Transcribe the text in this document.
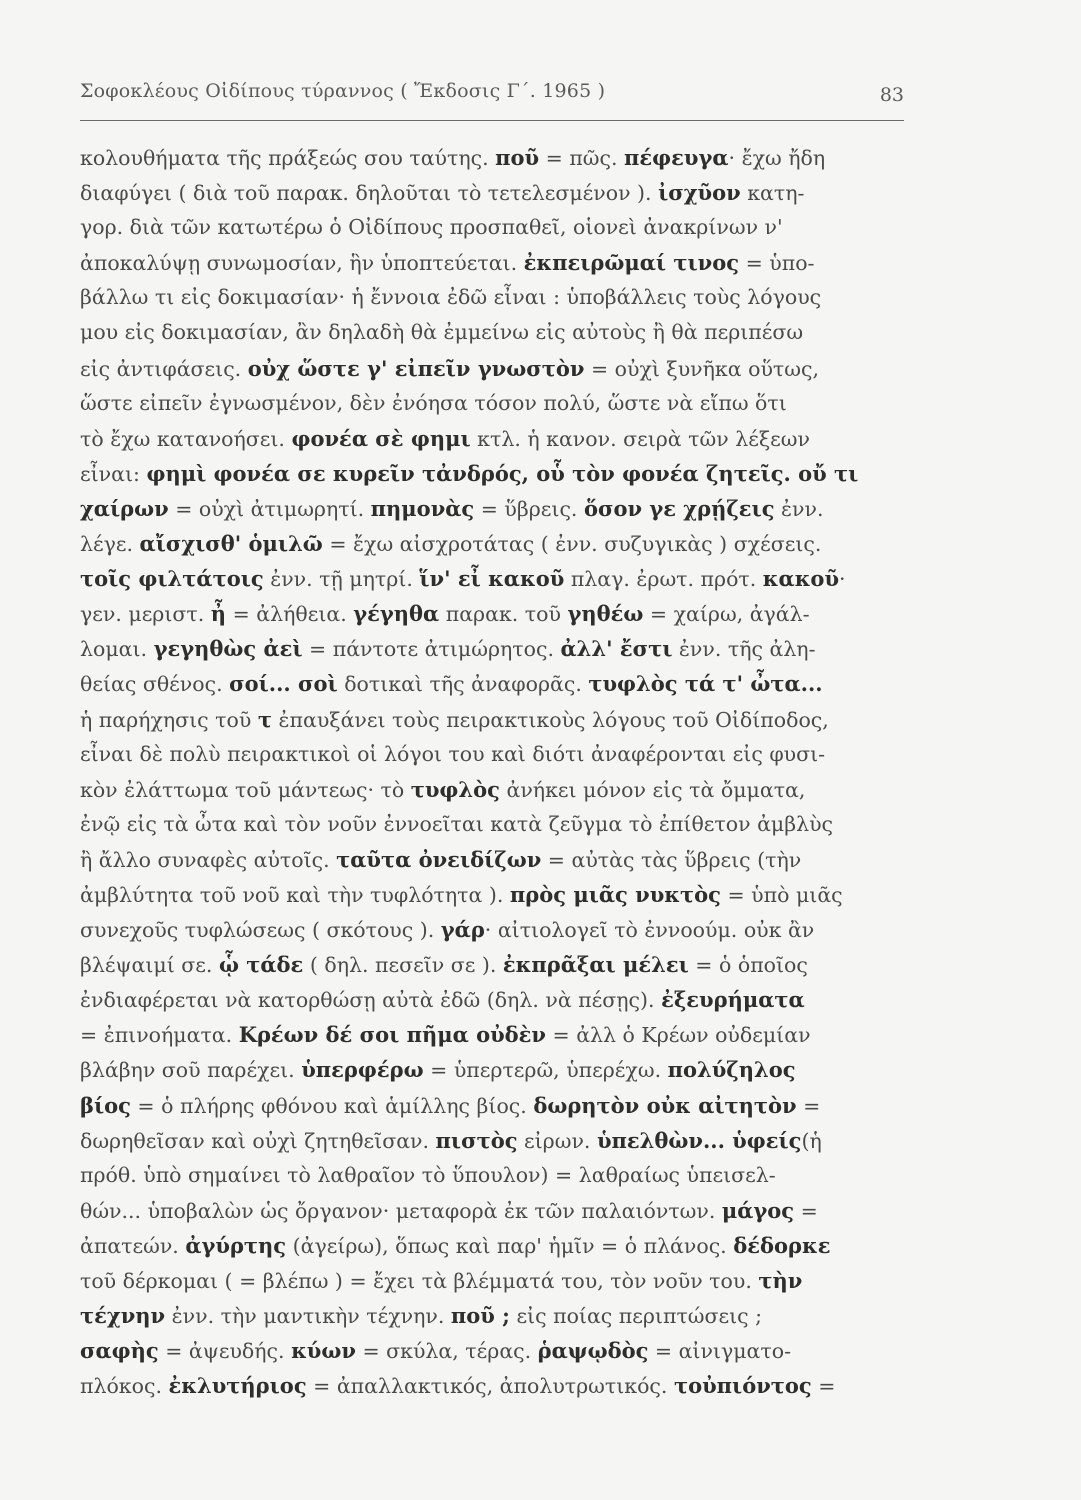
Σοφοκλέους Οἰδίπους τύραννος ( Ἔκδοσις Γ΄. 1965 )	83
κολουθήματα τῆς πράξεώς σου ταύτης. ποῦ = πῶς. πέφευγα· ἔχω ἤδη
διαφύγει ( διὰ τοῦ παρακ. δηλοῦται τὸ τετελεσμένον ). ἰσχῦον κατη-
γορ. διὰ τῶν κατωτέρω ὁ Οἰδίπους προσπαθεῖ, οἱονεὶ ἀνακρίνων ν'
ἀποκαλύψῃ συνωμοσίαν, ἣν ὑποπτεύεται. ἐκπειρῶμαί τινος = ὑπο-
βάλλω τι εἰς δοκιμασίαν· ἡ ἔννοια ἐδῶ εἶναι : ὑποβάλλεις τοὺς λόγους
μου εἰς δοκιμασίαν, ἂν δηλαδὴ θὰ ἐμμείνω εἰς αὐτοὺς ἢ θὰ περιπέσω
εἰς ἀντιφάσεις. οὐχ ὥστε γ' εἰπεῖν γνωστὸν = οὐχὶ ξυνῆκα οὕτως,
ὥστε εἰπεῖν ἐγνωσμένον, δὲν ἐνόησα τόσον πολύ, ὥστε νὰ εἴπω ὅτι
τὸ ἔχω κατανοήσει. φονέα σὲ φημι κτλ. ἡ κανον. σειρὰ τῶν λέξεων
εἶναι: φημὶ φονέα σε κυρεῖν τἀνδρός, οὗ τὸν φονέα ζητεῖς. οὔ τι
χαίρων = οὐχὶ ἀτιμωρητί. πημονὰς = ὕβρεις. ὅσον γε χρῄζεις ἐνν.
λέγε. αἴσχισθ' ὁμιλῶ = ἔχω αἰσχροτάτας ( ἐνν. συζυγικὰς ) σχέσεις.
τοῖς φιλτάτοις ἐνν. τῇ μητρί. ἵν' εἶ κακοῦ πλαγ. ἐρωτ. πρότ. κακοῦ·
γεν. μεριστ. ἦ = ἀλήθεια. γέγηθα παρακ. τοῦ γηθέω = χαίρω, ἀγάλ-
λομαι. γεγηθὼς ἀεὶ = πάντοτε ἀτιμώρητος. ἀλλ' ἔστι ἐνν. τῆς ἀλη-
θείας σθένος. σοί... σοὶ δοτικαὶ τῆς ἀναφορᾶς. τυφλὸς τά τ' ὦτα...
ἡ παρήχησις τοῦ τ ἐπαυξάνει τοὺς πειρακτικοὺς λόγους τοῦ Οἰδίποδος,
εἶναι δὲ πολὺ πειρακτικοὶ οἱ λόγοι του καὶ διότι ἀναφέρονται εἰς φυσι-
κὸν ἐλάττωμα τοῦ μάντεως· τὸ τυφλὸς ἀνήκει μόνον εἰς τὰ ὄμματα,
ἐνῷ εἰς τὰ ὦτα καὶ τὸν νοῦν ἐννοεῖται κατὰ ζεῦγμα τὸ ἐπίθετον ἀμβλὺς
ἢ ἄλλο συναφὲς αὐτοῖς. ταῦτα ὀνειδίζων = αὐτὰς τὰς ὕβρεις (τὴν
ἀμβλύτητα τοῦ νοῦ καὶ τὴν τυφλότητα ). πρὸς μιᾶς νυκτὸς = ὑπὸ μιᾶς
συνεχοῦς τυφλώσεως ( σκότους ). γάρ· αἰτιολογεῖ τὸ ἐννοούμ. οὐκ ἂν
βλέψαιμί σε. ᾧ τάδε ( δηλ. πεσεῖν σε ). ἐκπρᾶξαι μέλει = ὁ ὁποῖος
ἐνδιαφέρεται νὰ κατορθώσῃ αὐτὰ ἐδῶ (δηλ. νὰ πέσῃς). ἐξευρήματα
= ἐπινοήματα. Κρέων δέ σοι πῆμα οὐδὲν = ἀλλ ὁ Κρέων οὐδεμίαν
βλάβην σοῦ παρέχει. ὑπερφέρω = ὑπερτερῶ, ὑπερέχω. πολύζηλος
βίος = ὁ πλήρης φθόνου καὶ ἁμίλλης βίος. δωρητὸν οὐκ αἰτητὸν =
δωρηθεῖσαν καὶ οὐχὶ ζητηθεῖσαν. πιστὸς εἰρων. ὑπελθὼν... ὑφείς(ἡ
πρόθ. ὑπὸ σημαίνει τὸ λαθραῖον τὸ ὕπουλον) = λαθραίως ὑπεισελ-
θών... ὑποβαλὼν ὡς ὄργανον· μεταφορὰ ἐκ τῶν παλαιόντων. μάγος =
ἀπατεών. ἀγύρτης (ἀγείρω), ὅπως καὶ παρ' ἡμῖν = ὁ πλάνος. δέδορκε
τοῦ δέρκομαι ( = βλέπω ) = ἔχει τὰ βλέμματά του, τὸν νοῦν του. τὴν
τέχνην ἐνν. τὴν μαντικὴν τέχνην. ποῦ ; εἰς ποίας περιπτώσεις ;
σαφὴς = ἀψευδής. κύων = σκύλα, τέρας. ῥαψῳδὸς = αἰνιγματο-
πλόκος. ἐκλυτήριος = ἀπαλλακτικός, ἀπολυτρωτικός. τοὐπιόντος =
